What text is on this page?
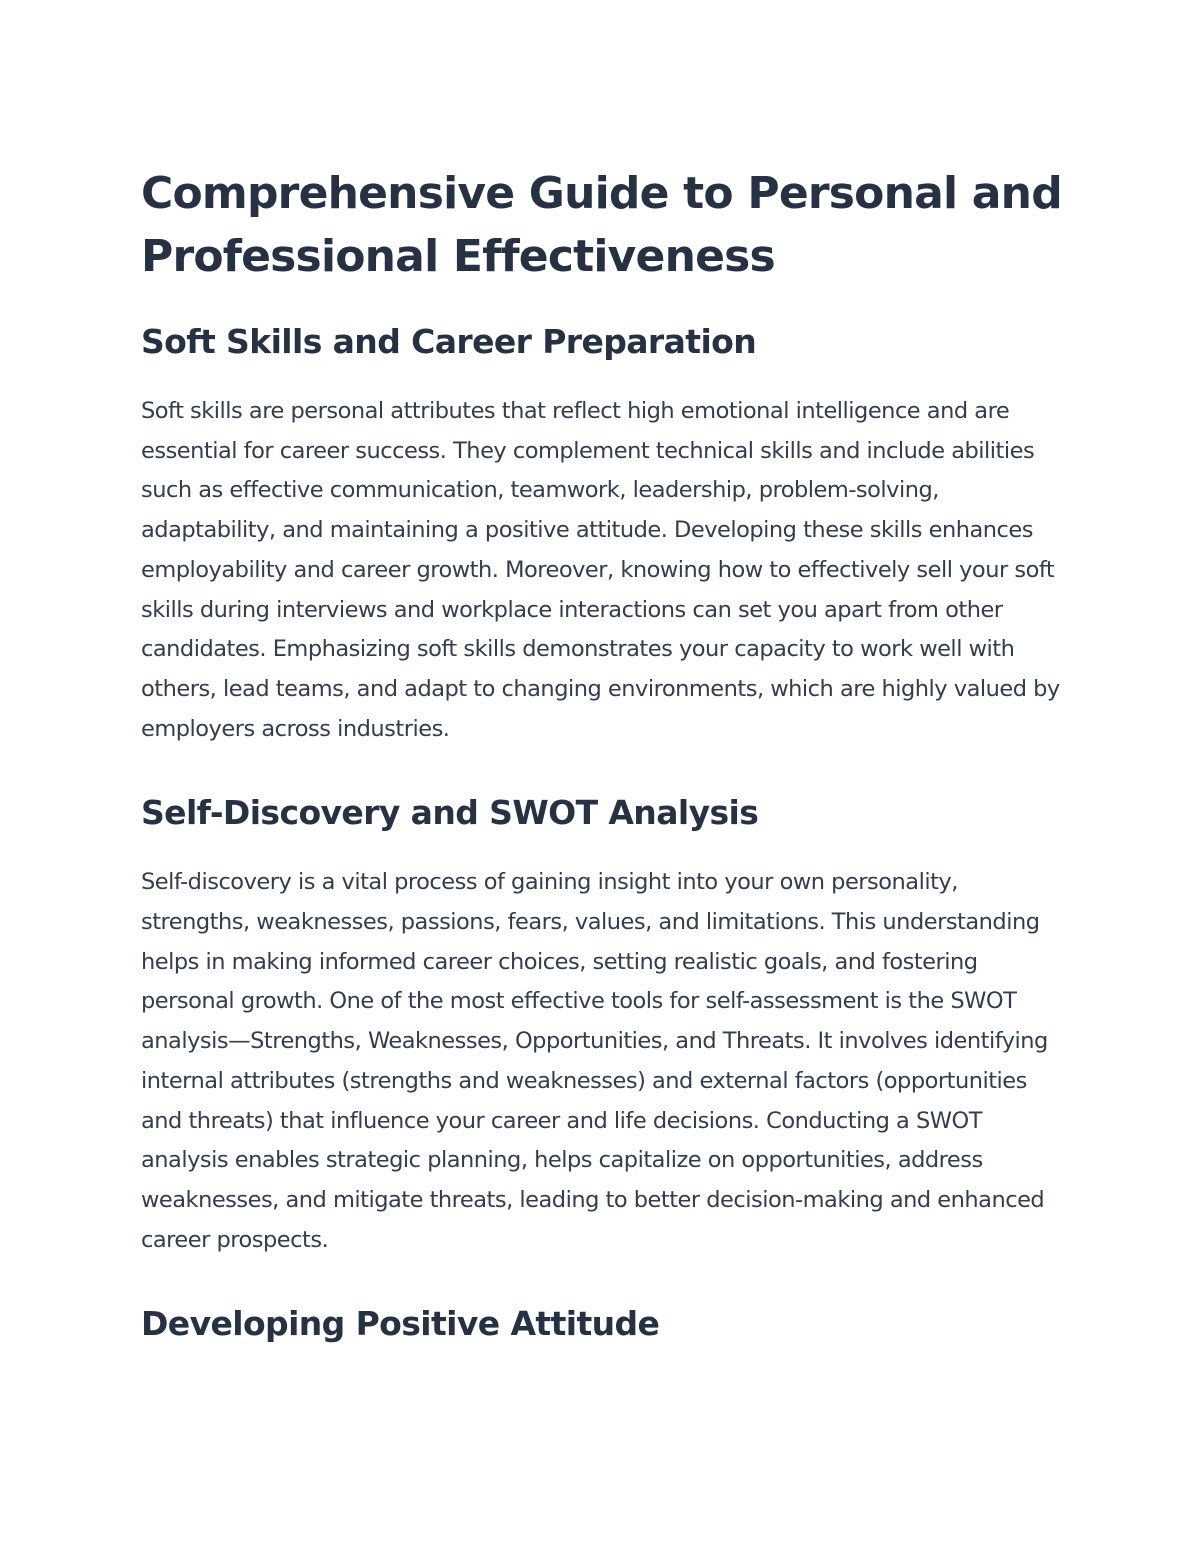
Comprehensive Guide to Personal and Professional Effectiveness
Soft Skills and Career Preparation

Soft skills are personal attributes that reflect high emotional intelligence and are essential for career success. They complement technical skills and include abilities such as effective communication, teamwork, leadership, problem-solving, adaptability, and maintaining a positive attitude. Developing these skills enhances employability and career growth. Moreover, knowing how to effectively sell your soft skills during interviews and workplace interactions can set you apart from other candidates. Emphasizing soft skills demonstrates your capacity to work well with others, lead teams, and adapt to changing environments, which are highly valued by employers across industries.

Self-Discovery and SWOT Analysis

Self-discovery is a vital process of gaining insight into your own personality, strengths, weaknesses, passions, fears, values, and limitations. This understanding helps in making informed career choices, setting realistic goals, and fostering personal growth. One of the most effective tools for self-assessment is the SWOT analysis—Strengths, Weaknesses, Opportunities, and Threats. It involves identifying internal attributes (strengths and weaknesses) and external factors (opportunities and threats) that influence your career and life decisions. Conducting a SWOT analysis enables strategic planning, helps capitalize on opportunities, address weaknesses, and mitigate threats, leading to better decision-making and enhanced career prospects.

Developing Positive Attitude
